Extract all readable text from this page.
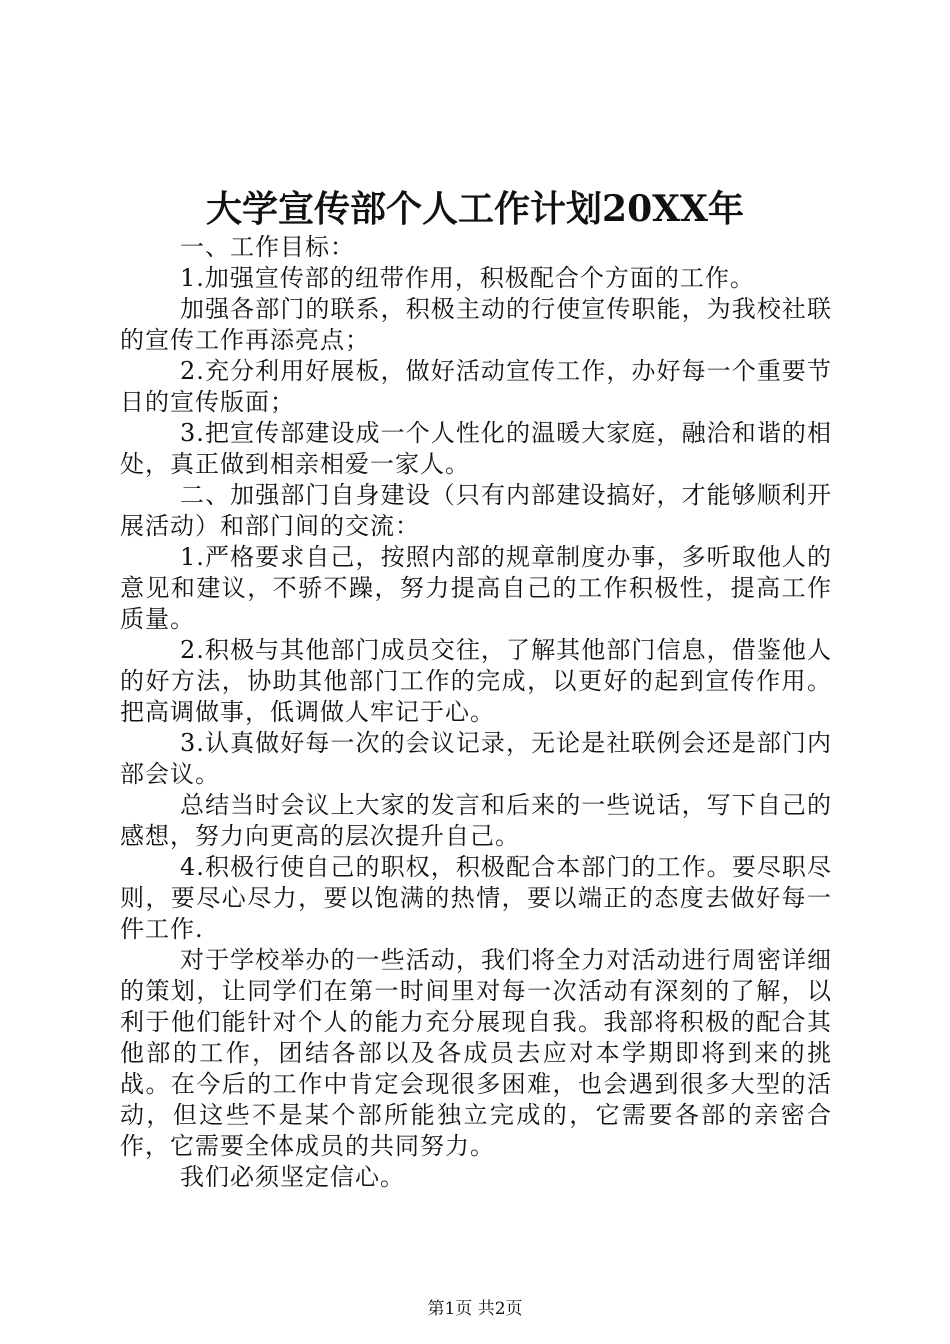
大学宣传部个人工作计划20XX年

一、工作目标：

1.加强宣传部的纽带作用，积极配合个方面的工作。

加强各部门的联系，积极主动的行使宣传职能，为我校社联的宣传工作再添亮点；

2.充分利用好展板，做好活动宣传工作，办好每一个重要节日的宣传版面；

3.把宣传部建设成一个人性化的温暖大家庭，融洽和谐的相处，真正做到相亲相爱一家人。

二、加强部门自身建设（只有内部建设搞好，才能够顺利开展活动）和部门间的交流：

1.严格要求自己，按照内部的规章制度办事，多听取他人的意见和建议，不骄不躁，努力提高自己的工作积极性，提高工作质量。

2.积极与其他部门成员交往，了解其他部门信息，借鉴他人的好方法，协助其他部门工作的完成，以更好的起到宣传作用。把高调做事，低调做人牢记于心。

3.认真做好每一次的会议记录，无论是社联例会还是部门内部会议。

总结当时会议上大家的发言和后来的一些说话，写下自己的感想，努力向更高的层次提升自己。

4.积极行使自己的职权，积极配合本部门的工作。要尽职尽则，要尽心尽力，要以饱满的热情，要以端正的态度去做好每一件工作.

对于学校举办的一些活动，我们将全力对活动进行周密详细的策划，让同学们在第一时间里对每一次活动有深刻的了解，以利于他们能针对个人的能力充分展现自我。我部将积极的配合其他部的工作，团结各部以及各成员去应对本学期即将到来的挑战。在今后的工作中肯定会现很多困难，也会遇到很多大型的活动，但这些不是某个部所能独立完成的，它需要各部的亲密合作，它需要全体成员的共同努力。

我们必须坚定信心。

第1页 共2页
